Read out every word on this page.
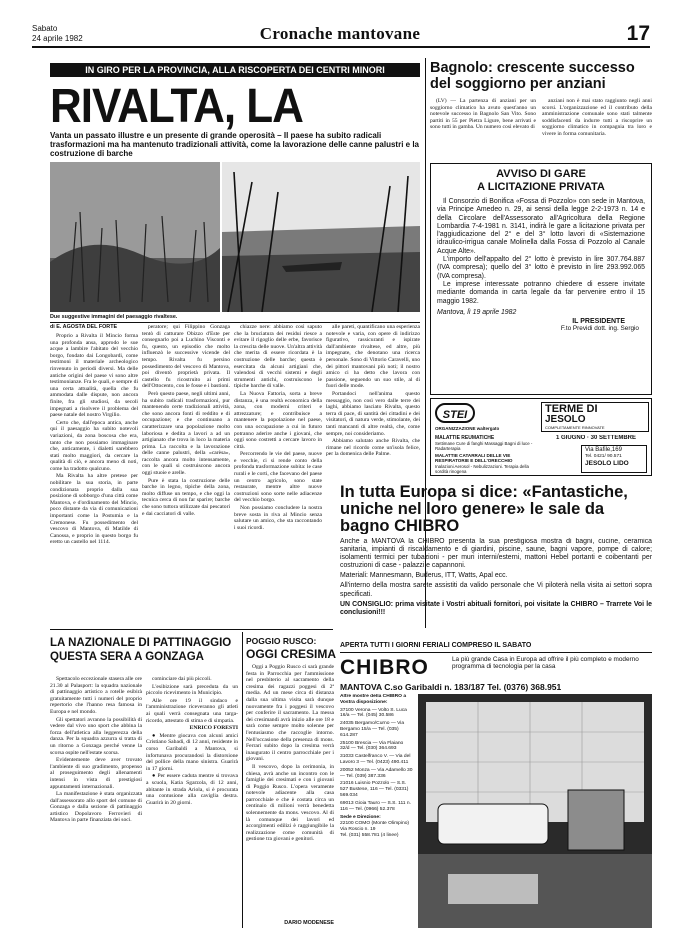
Sabato
24 aprile 1982	Cronache mantovane	17
IN GIRO PER LA PROVINCIA, ALLA RISCOPERTA DEI CENTRI MINORI
RIVALTA, LA
Vanta un passato illustre e un presente di grande operosità – Il paese ha subito radicali trasformazioni ma ha mantenuto tradizionali attività, come la lavorazione delle canne palustri e la costruzione di barche
Due suggestive immagini del paesaggio rivaltese.
di E. AGOSTA DEL FORTE

Proprio a Rivalta il Mincio forma una profonda ansa, approdo le sue acque a lambire l'abitato del vecchio borgo, fondato dai Longobardi, come testimoni il materiale archeologico rinvenuto in periodi diversi. Ma delle antiche origini del paese vi sono altre testimonianze. Fra le quali, e sempre di una certa attualità, quella che fu ammodata dalle dispute, non ancora finite, fra gli studiosi, da secoli impegnati a risolvere il problema del paese natale del nostro Virgilio.

Certo che, dall'epoca antica, anche qui il paesaggio ha subito notevoli variazioni, da zona boscosa che era, tanto che non possiamo immaginare che, anticamente, i dialetti sarebbero stati molto maggiori, da cercare la qualità di ciò, e ancora meno di noti, come ha tradotto qualcuno.

Ma Rivalta ha altre pretese per nobilitare la sua storia, in parte condizionata proprio dalla sua posizione di sobborgo d'una città come Mantova, e d'ordinamento del Mincio, poco distante da via di comunicazioni importanti come la Postumia e la Cremonese. Fu possedimento del vescovo di Mantova, di Matilde di Canossa, e proprio in questo borgo fu eretto un castello nel 1114.

peratore; qui Filippino Gonzaga tentò di catturare Obizzo d'Este per consegnarlo poi a Luchino Visconti e fu, questo, un episodio che molto influenzò le successive vicende del tempo. Rivalta fu persino possedimento del vescovo di Mantova, poi diventò proprietà privata. Il castello fu ricostruito ai primi dell'Ottocento, con le fosse e i bastioni.

Però questo paese, negli ultimi anni, ha subito radicali trasformazioni, pur mantenendo certe tradizionali attività, che sono ancora fonti di reddito e di occupazione; e che continuano a caratterizzare una popolazione molto laboriosa e dedita a lavori a ad un artigianato che trova in loco la materia prima. La raccolta e la lavorazione delle canne palustri, della «carèsa», raccolta ancora molto intensamente, con le quali si costruiscono ancora oggi stuoie e arelle.

Pure è stata la costruzione delle barche in legno, tipiche della zona, molto diffuse un tempo, e che oggi la tecnica cerca di non far sparire; barche che sono tuttora utilizzate dai pescatori e dai cacciatori di valle.

chiazze nere: abbiamo così saputo che la bruciatura dei residui riesce a evitare il rigoglio delle erbe, favorisce la crescita delle nuove. Un'altra attività che merita di essere ricordata è la costruzione delle barche; questa è esercitata da alcuni artigiani che, valendosi di vecchi sistemi e degli strumenti antichi, costruiscono le tipiche barche di valle.

La Nuova Fattoria, sorta a breve distanza, è una realtà economica della zona, con moderni criteri e attrezzature; e contribuisce a mantenere la popolazione nel paese, con una occupazione a cui in futuro potranno aderire anche i giovani, che oggi sono costretti a cercare lavoro in città.

Percorrendo le vie del paese, nuove e vecchie, ci si rende conto della profonda trasformazione subita: le case rurali e le corti, che facevano del paese un centro agricolo, sono state restaurate, mentre altre nuove costruzioni sono sorte nelle adiacenze del vecchio borgo.

Non possiamo concludere la nostra breve sosta in riva al Mincio senza salutare un amico, che sta raccontando i suoi ricordi.

alle pareti, quantificano una esperienza notevole e varia, con opere di indirizzo figurativo, rassicuranti e ispirate dall'ambiente rivaltese, ed altre, più impegnate, che denotano una ricerca personale. Sono di Vittorio Caravelli, uno dei pittori mantovani più noti; il nostro amico ci ha detto che lavora con passione, seguendo un suo stile, al di fuori delle mode.

Portandoci nell'anima questo messaggio, non così vero dalle terre dei laghi, abbiamo lasciato Rivalta, questo terra di pace, di santità dei cittadini e dei visitatori, di natura verde, stimolante, dei tanti mancanti di altre realtà, che, come sempre, noi consideriamo.

Abbiamo salutato anche Rivalta, che rimane nel ricordo come un'isola felice, per la domenica delle Palme.

Bagnolo: crescente successo del soggiorno per anziani

(LV) — La partenza di anziani per un soggiorno climatico ha avuto quest'anno un notevole successo in Bagnolo San Vito. Sono partiti in 55 per Pietra Ligure, bene arrivati e sono tutti in gamba. Un numero così elevato di

anziani non è mai stato raggiunto negli anni scorsi. L'organizzazione ed il contributo della amministrazione comunale sono stati talmente soddisfacenti da indurre tutti a riscoprire un soggiorno climatico in compagnia tra loro e vivere in forma comunitaria.

AVVISO DI GARE
A LICITAZIONE PRIVATA

Il Consorzio di Bonifica «Fossa di Pozzolo» con sede in Mantova, via Principe Amedeo n. 29, ai sensi della legge 2-2-1973 n. 14 e della Circolare dell'Assessorato all'Agricoltura della Regione Lombardia 7-4-1981 n. 3141, indirà le gare a licitazione privata per l'aggiudicazione del 2° e del 3° lotto lavori di «Sistemazione idraulico-irrigua canale Molinella dalla Fossa di Pozzolo al Canale Acque Alte».

L'importo dell'appalto del 2° lotto è previsto in lire 307.764.887 (IVA compresa); quello del 3° lotto è previsto in lire 293.992.065 (IVA compresa).

Le imprese interessate potranno chiedere di essere invitate mediante domanda in carta legale da far pervenire entro il 15 maggio 1982.

Mantova, lì 19 aprile 1982
IL PRESIDENTE
F.to Previdi dott. ing. Sergio
STEI
ORGANIZZAZIONE waltergato
TERME DI
JESOLO
COMPLETAMENTE RINNOVATE
MALATTIE REUMATICHE
Settimane Cure di fanghi Massaggi Bagni di luce - Radarterapia
MALATTIE CATARRALI DELLE VIE RESPIRATORIE E DELL'ORECCHIO
Inalazioni Aerosol - Nebulizzazioni. Terapia della sordità rinogena
1 GIUGNO · 30 SETTEMBRE
Via Bafile,169
Tel. 0421/ 90.571
JESOLO LIDO
In tutta Europa si dice: «Fantastiche, uniche nel loro genere» le sale da bagno CHIBRO

Anche a MANTOVA la CHIBRO presenta la sua prestigiosa mostra di bagni, cucine, ceramica sanitaria, impianti di riscaldamento e di giardini, piscine, saune, bagni vapore, pompe di calore; isolamenti termici per tubazioni - per muri interni/esterni, mattoni Hebel portanti e coibentanti per costruzioni di case - palazzi e capannoni.

Materiali: Mannesmann, Buderus, ITT, Watts, Apal ecc.

All'interno della mostra sarete assistiti da valido personale che Vi piloterà nella visita ai settori sopra specificati.

UN CONSIGLIO: prima visitate i Vostri abituali fornitori, poi visitate la CHIBRO – Trarrete Voi le conclusioni!!!

APERTA TUTTI I GIORNI FERIALI COMPRESO IL SABATO
CHIBRO	La più grande Casa in Europa ad offrire il più completo e moderno programma di tecnologia per la casa
MANTOVA C.so Garibaldi n. 183/187 Tel. (0376) 368.951
Altre mostre della CHIBRO a Vostra disposizione:
37100 Verona — Volto S. Luca 16/a — Tel. (045) 30.586
24035 Bergamo/Curno — Via Bergamo 15/a — Tel. (035) 614.287
25100 Brescia — Via Flaiano 32/d — Tel. (030) 364.693
31033 Castelfranco V. — Via del Lavoro 3 — Tel. (0423) 490.411
20052 Monza — Via Adamello 30 — Tel. (039) 387.336
21016 Luisnio Pozzolo — S.S. 527 Bustese, 116 — Tel. (0331) 569.034
69013 Gioia Tauro — S.S. 111 n. 116 — Tel. (0966) 52.378
Sede e Direzione:
22100 COMO (Monte Olimpino)
Via Roscio n. 19
Tel. (031) 558.781 (4 linee)
LA NAZIONALE DI PATTINAGGIO QUESTA SERA A GONZAGA

Spettacolo eccezionale stasera alle ore 21.30 al Palasport: la squadra nazionale di pattinaggio artistico a rotelle esibirà gratuitamente tutti i numeri del proprio repertorio che l'hanno resa famosa in Europa e nel mondo.

Gli spettatori avranno la possibilità di vedere dal vivo uno sport che abbina la forza dell'atletica alla leggerezza della danza. Per la squadra azzurra si tratta di un ritorno a Gonzaga perché venne la scorsa ospite nell'estate scorsa.

Evidentemente deve aver trovato l'ambiente di suo gradimento, propenso al proseguimento degli allenamenti intensi in vista di prestigiosi appuntamenti internazionali.

La manifestazione è stata organizzata dall'assessorato allo sport del comune di Gonzaga e dalla sezione di pattinaggio artistico Dopolavoro Ferrovieri di Mantova in parte finanziata dei soci.

cominciare dai più piccoli.

L'esibizione sarà preceduta da un piccolo ricevimento in Municipio.

Alle ore 19 il sindaco e l'amministrazione riceveranno gli atleti ai quali verrà consegnata una targa-ricordo, attestato di stima e di simpatia.

ENRICO FORESTI

● Mentre giocava con alcuni amici Cristiano Sabadi, di 12 anni, residente in corso Garibaldi a Mantova, si infortunava procurandosi la distorsione del pollice della mano sinistra. Guarirà in 17 giorni.

● Per essere caduta mentre si trovava a scuola, Katia Sgarzola, di 12 anni, abitante in strada Ariola, si è procurata una contusione alla caviglia destra. Guarirà in 20 giorni.

POGGIO RUSCO:
OGGI CRESIMA

Oggi a Poggio Rusco ci sarà grande festa in Parrocchia per l'ammissione nel presbiterio al sacramento della cresima dei ragazzi poggesi di 2ª media. Ad un mese circa di distanza dalla sua ultima visita sarà dunque nuovamente fra i poggesi il vescovo per conferire il sacramento. La messa dei cresimandi avrà inizio alle ore 18 e sarà come sempre molto solenne per l'entusiasmo che raccoglie intorno. Nell'occasione della presenza di mons. Ferrari subito dopo la cresima verrà inaugurato il centro parrocchiale per i giovani.

Il vescovo, dopo la cerimonia, in chiesa, avrà anche un incontro con le famiglie dei cresimati e con i giovani di Poggio Rusco. L'opera veramente notevole adiacente alla casa parrocchiale e che è costata circa un centinaio di milioni verrà benedetta solennemente da mons. vescovo. Al di là comunque dei lavori ed accorgimenti edilizi è raggiungibile la realizzazione come comunità di gestione tra giovani e genitori.

DARIO MODENESE
